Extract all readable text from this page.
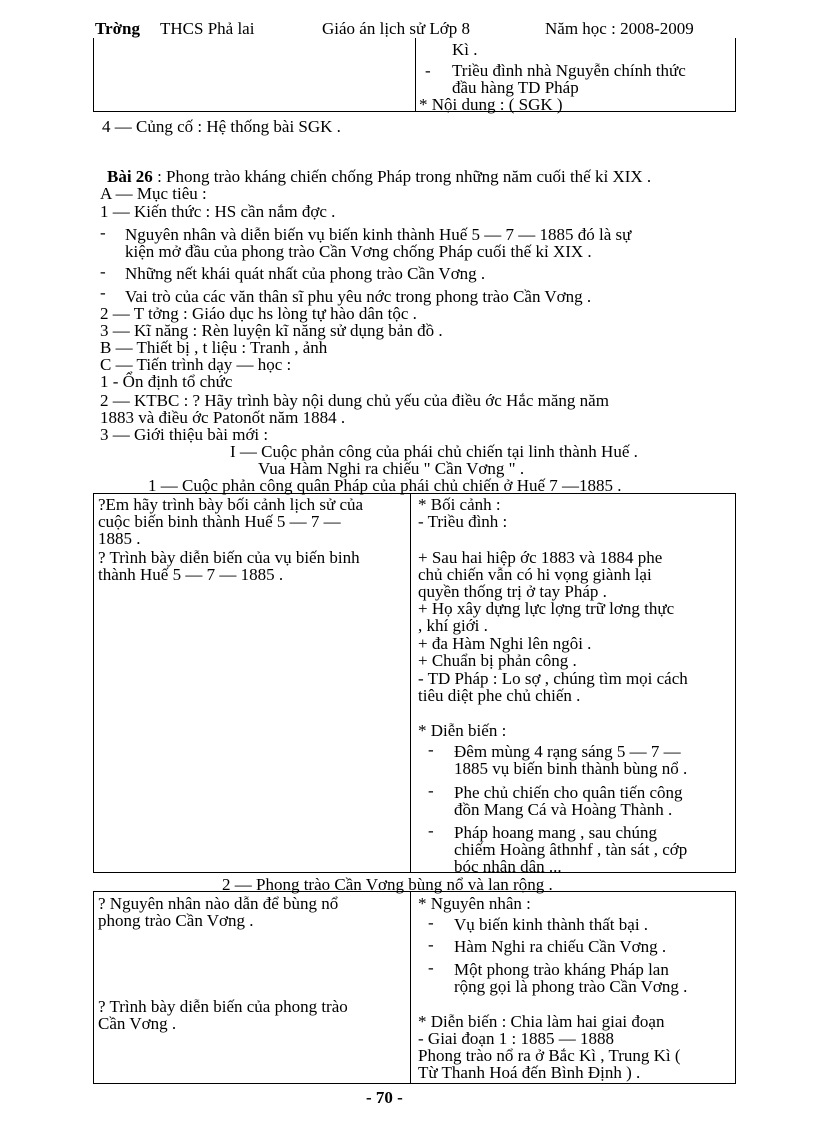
Trờng THCS Phả lai	Giáo án lịch sử Lớp 8	Năm học : 2008-2009
Kì .
- Triều đình nhà Nguyễn chính thức
đầu hàng TD Pháp
* Nội dung : ( SGK )
4 — Củng cố : Hệ thống bài SGK .
Bài 26 : Phong trào kháng chiến chống Pháp trong những năm cuối thế kỉ XIX .
A — Mục tiêu :
1 — Kiến thức : HS cần nắm đợc .
- Nguyên nhân và diễn biến vụ biến kinh thành Huế 5 — 7 — 1885 đó là sự
kiện mở đầu của phong trào Cần Vơng chống Pháp cuối thế kỉ XIX .
- Những nết khái quát nhất của phong trào Cần Vơng .
- Vai trò của các văn thân sĩ phu yêu nớc trong phong trào Cần Vơng .
2 — T tởng : Giáo dục hs lòng tự hào dân tộc .
3 — Kĩ năng : Rèn luyện kĩ năng sử dụng bản đồ .
B — Thiết bị , t liệu : Tranh , ảnh
C — Tiến trình dạy — học :
1 - Ổn định tổ chức
2 — KTBC : ? Hãy trình bày nội dung chủ yếu của điều ớc Hắc măng năm
1883 và điều ớc Patonốt năm 1884 .
3 — Giới thiệu bài mới :
I — Cuộc phản công của phái chủ chiến tại linh thành Huế .
Vua Hàm Nghi ra chiếu " Cần Vơng " .
1 — Cuộc phản công quân Pháp của phái chủ chiến ở Huế 7 —1885 .
?Em hãy trình bày bối cảnh lịch sử của
cuộc biến binh thành Huế 5 — 7 —
1885 .
? Trình bày diễn biến của vụ biến binh
thành Huế 5 — 7 — 1885 .
* Bối cảnh :
- Triều đình :
+ Sau hai hiệp ớc 1883 và 1884 phe
chủ chiến vẫn có hi vọng giành lại
quyền thống trị ở tay Pháp .
+ Họ xây dựng lực lợng trữ lơng thực
, khí giới .
+ đa Hàm Nghi lên ngôi .
+ Chuẩn bị phản công .
- TD Pháp : Lo sợ , chúng tìm mọi cách
tiêu diệt phe chủ chiến .
* Diễn biến :
- Đêm mùng 4 rạng sáng 5 — 7 —
1885 vụ biến binh thành bùng nổ .
- Phe chủ chiến cho quân tiến công
đồn Mang Cá và Hoàng Thành .
- Pháp hoang mang , sau chúng
chiếm Hoàng âthnhf , tàn sát , cớp
bóc nhân dân ...
2 — Phong trào Cần Vơng bùng nổ và lan rộng .
? Nguyên nhân nào dẫn để bùng nổ
phong trào Cần Vơng .
? Trình bày diễn biến của phong trào
Cần Vơng .
* Nguyên nhân :
- Vụ biến kinh thành thất bại .
- Hàm Nghi ra chiếu Cần Vơng .
- Một phong trào kháng Pháp lan
rộng gọi là phong trào Cần Vơng .
* Diễn biến : Chia làm hai giai đoạn
- Giai đoạn 1 : 1885 — 1888
Phong trào nổ ra ở Bắc Kì , Trung Kì (
Từ Thanh Hoá đến Bình Định ) .
- 70 -
